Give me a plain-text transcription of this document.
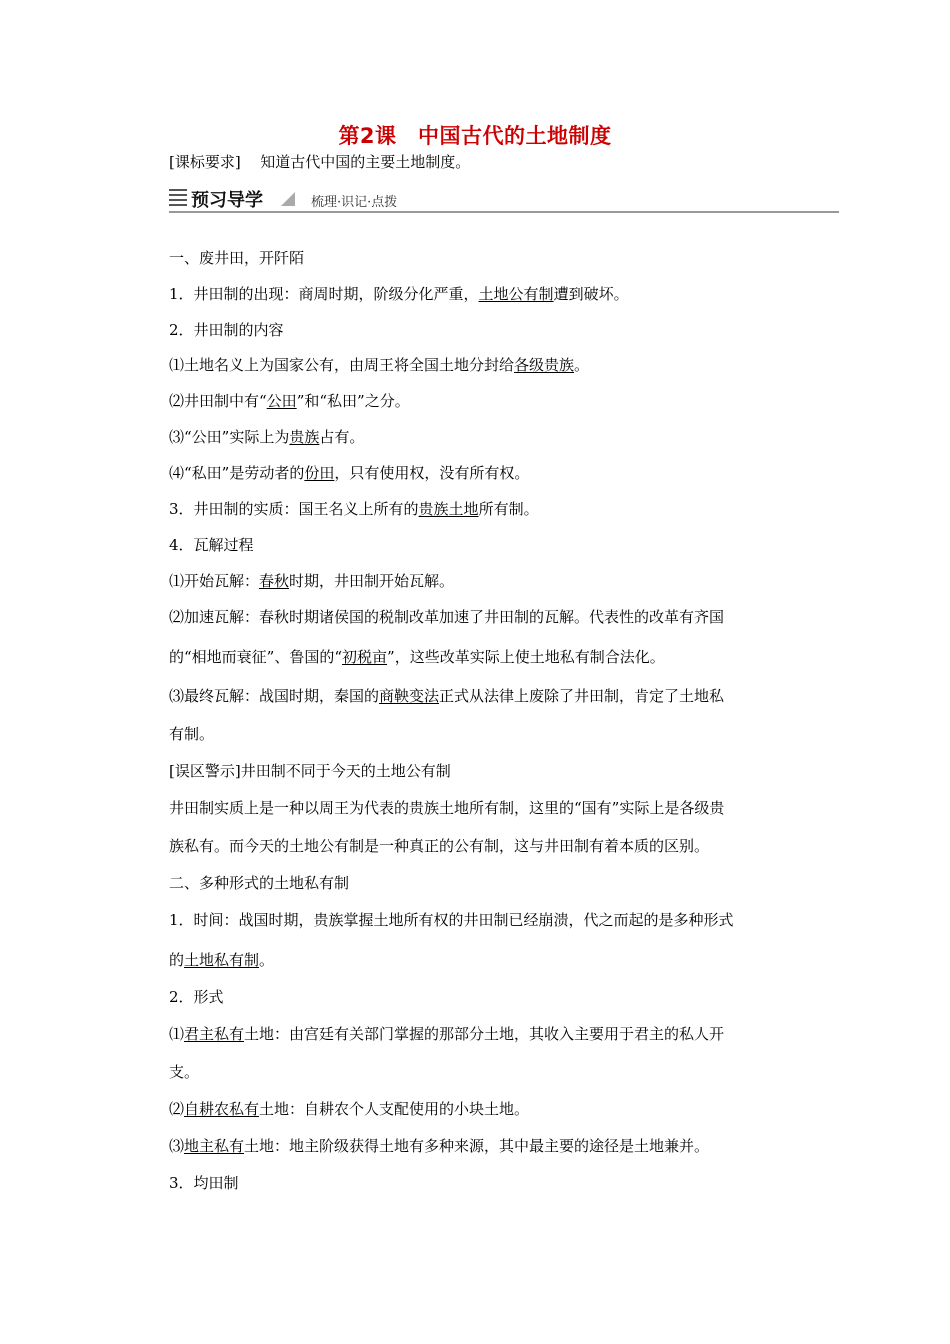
第2课　中国古代的土地制度
[课标要求] 知道古代中国的主要土地制度。
预习导学	梳理·识记·点拨
一、废井田，开阡陌
1．井田制的出现：商周时期，阶级分化严重，土地公有制遭到破坏。
2．井田制的内容
⑴土地名义上为国家公有，由周王将全国土地分封给各级贵族。
⑵井田制中有“公田”和“私田”之分。
⑶“公田”实际上为贵族占有。
⑷“私田”是劳动者的份田，只有使用权，没有所有权。
3．井田制的实质：国王名义上所有的贵族土地所有制。
4．瓦解过程
⑴开始瓦解：春秋时期，井田制开始瓦解。
⑵加速瓦解：春秋时期诸侯国的税制改革加速了井田制的瓦解。代表性的改革有齐国
的“相地而衰征”、鲁国的“初税亩”，这些改革实际上使土地私有制合法化。
⑶最终瓦解：战国时期，秦国的商鞅变法正式从法律上废除了井田制，肯定了土地私
有制。
[误区警示]井田制不同于今天的土地公有制
井田制实质上是一种以周王为代表的贵族土地所有制，这里的“国有”实际上是各级贵
族私有。而今天的土地公有制是一种真正的公有制，这与井田制有着本质的区别。
二、多种形式的土地私有制
1．时间：战国时期，贵族掌握土地所有权的井田制已经崩溃，代之而起的是多种形式
的土地私有制。
2．形式
⑴君主私有土地：由宫廷有关部门掌握的那部分土地，其收入主要用于君主的私人开
支。
⑵自耕农私有土地：自耕农个人支配使用的小块土地。
⑶地主私有土地：地主阶级获得土地有多种来源，其中最主要的途径是土地兼并。
3．均田制
